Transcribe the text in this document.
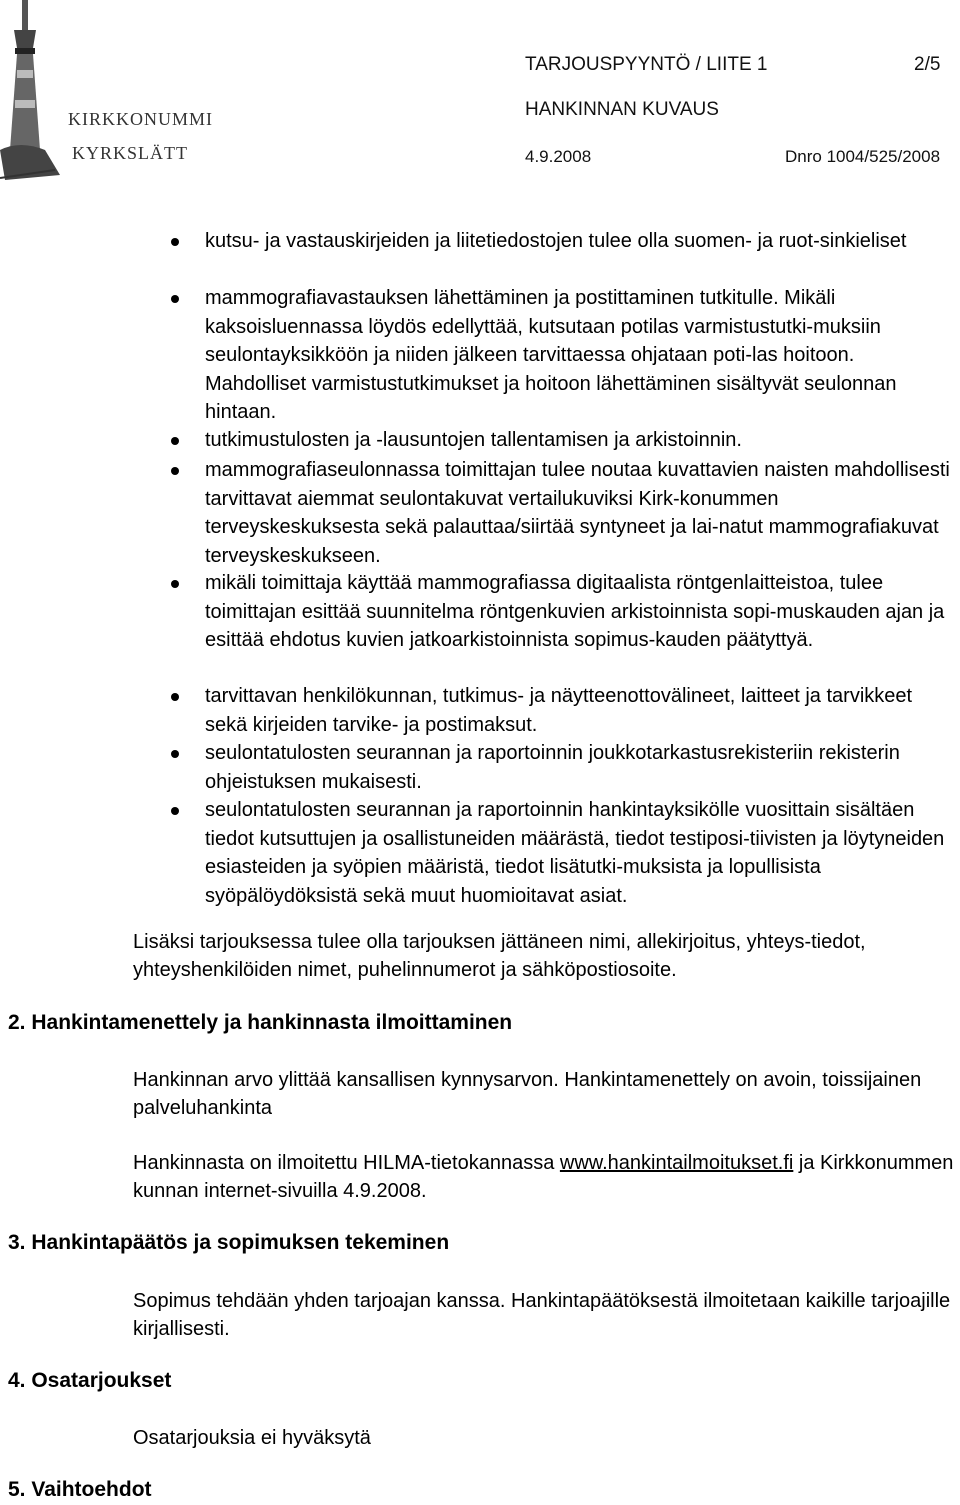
KIRKKONUMMI
KYRKSLÄTT
TARJOUSPYYNTÖ / LIITE 1	2/5
HANKINNAN KUVAUS
4.9.2008	Dnro 1004/525/2008
kutsu- ja vastauskirjeiden ja liitetiedostojen tulee olla suomen- ja ruot-sinkieliset
mammografiavastauksen lähettäminen ja postittaminen tutkitulle. Mikäli kaksoisluennassa löydös edellyttää, kutsutaan potilas varmistustutki-muksiin seulontayksikköön ja niiden jälkeen tarvittaessa ohjataan poti-las hoitoon. Mahdolliset varmistustutkimukset ja hoitoon lähettäminen sisältyvät seulonnan hintaan.
tutkimustulosten ja -lausuntojen tallentamisen ja arkistoinnin.
mammografiaseulonnassa toimittajan tulee noutaa kuvattavien naisten mahdollisesti tarvittavat aiemmat seulontakuvat vertailukuviksi Kirk-konummen terveyskeskuksesta sekä palauttaa/siirtää syntyneet ja lai-natut mammografiakuvat terveyskeskukseen.
mikäli toimittaja käyttää mammografiassa digitaalista röntgenlaitteistoa, tulee toimittajan esittää suunnitelma röntgenkuvien arkistoinnista sopi-muskauden ajan ja esittää ehdotus kuvien jatkoarkistoinnista sopimus-kauden päätyttyä.
tarvittavan henkilökunnan, tutkimus- ja näytteenottovälineet, laitteet ja tarvikkeet sekä kirjeiden tarvike- ja postimaksut.
seulontatulosten seurannan ja raportoinnin joukkotarkastusrekisteriin rekisterin ohjeistuksen mukaisesti.
seulontatulosten seurannan ja raportoinnin hankintayksikölle vuosittain sisältäen tiedot kutsuttujen ja osallistuneiden määrästä, tiedot testiposi-tiivisten ja löytyneiden esiasteiden ja syöpien määristä, tiedot lisätutki-muksista ja lopullisista syöpälöydöksistä sekä muut huomioitavat asiat.
Lisäksi tarjouksessa tulee olla tarjouksen jättäneen nimi, allekirjoitus, yhteys-tiedot, yhteyshenkilöiden nimet, puhelinnumerot ja sähköpostiosoite.
2. Hankintamenettely ja hankinnasta ilmoittaminen
Hankinnan arvo ylittää kansallisen kynnysarvon. Hankintamenettely on avoin, toissijainen palveluhankinta
Hankinnasta on ilmoitettu HILMA-tietokannassa www.hankintailmoitukset.fi ja Kirkkonummen kunnan internet-sivuilla 4.9.2008.
3. Hankintapäätös ja sopimuksen tekeminen
Sopimus tehdään yhden tarjoajan kanssa. Hankintapäätöksestä ilmoitetaan kaikille tarjoajille kirjallisesti.
4. Osatarjoukset
Osatarjouksia ei hyväksytä
5. Vaihtoehdot
